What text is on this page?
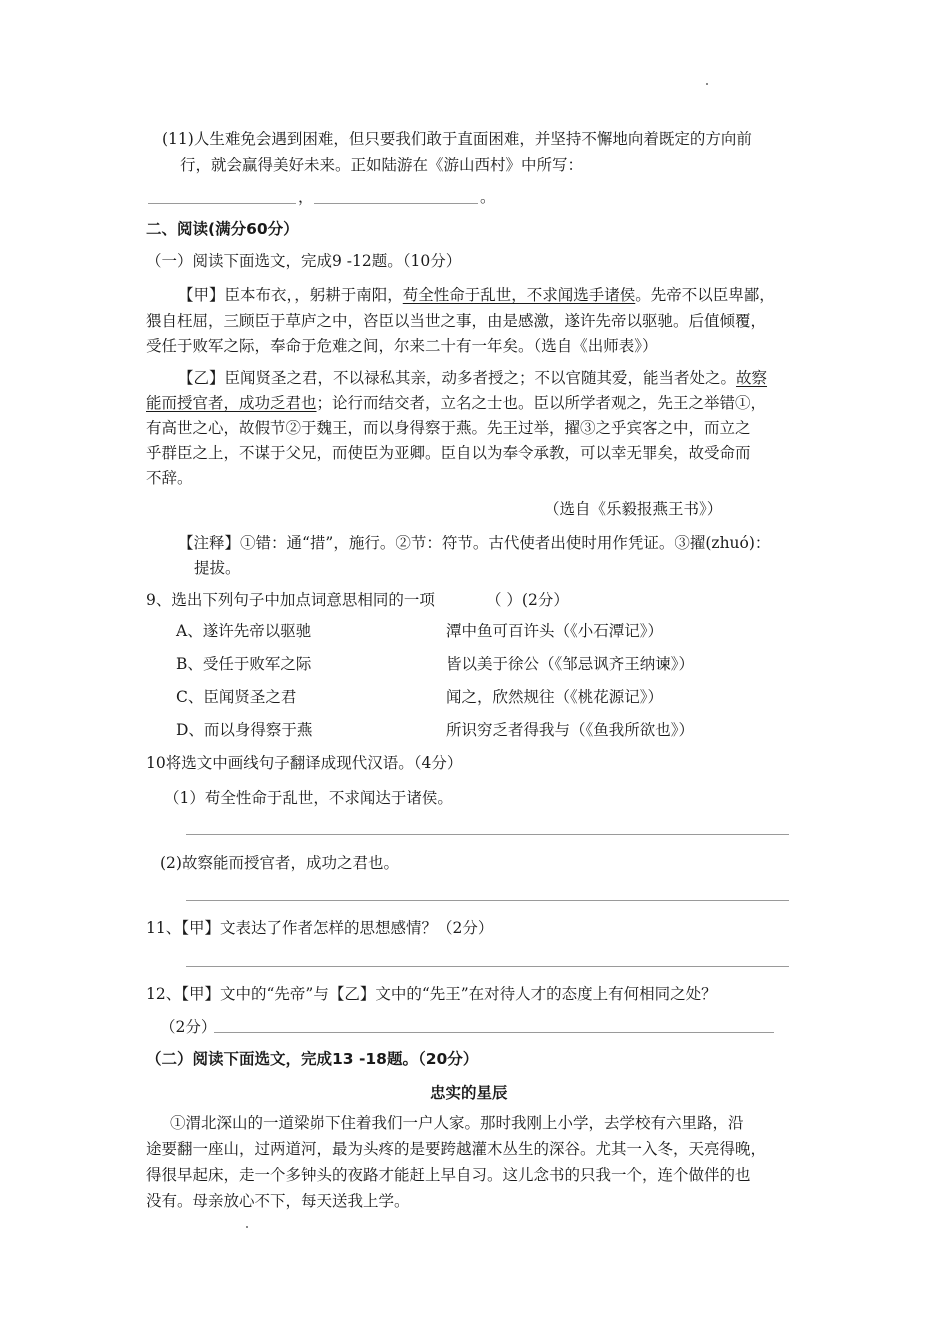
(11)人生难免会遇到困难，但只要我们敢于直面困难，并坚持不懈地向着既定的方向前
行，就会赢得美好未来。正如陆游在《游山西村》中所写：
，	。
二、阅读(满分60分）
（一）阅读下面选文，完成9 -12题。（10分）
【甲】臣本布衣，，躬耕于南阳，苟全性命于乱世，不求闻选手诸侯。先帝不以臣卑鄙，
猥自枉屈，三顾臣于草庐之中，咨臣以当世之事，由是感激，遂许先帝以驱驰。后值倾覆，
受任于败军之际，奉命于危难之间，尔来二十有一年矣。（选自《出师表》）
【乙】臣闻贤圣之君，不以禄私其亲，动多者授之；不以官随其爱，能当者处之。故察
能而授官者，成功乏君也；论行而结交者，立名之士也。臣以所学者观之，先王之举错①，
有高世之心，故假节②于魏王，而以身得察于燕。先王过举，擢③之乎宾客之中，而立之
乎群臣之上，不谋于父兄，而使臣为亚卿。臣自以为奉令承教，可以幸无罪矣，故受命而
不辞。
（选自《乐毅报燕王书》）
【注释】①错：通“措”，施行。②节：符节。古代使者出使时用作凭证。③擢(zhuó)：
提拔。
9、选出下列句子中加点词意思相同的一项	（ ）(2分）
A、遂许先帝以驱驰	潭中鱼可百许头（《小石潭记》）
B、受任于败军之际	皆以美于徐公（《邹忌讽齐王纳谏》）
C、臣闻贤圣之君	闻之，欣然规往（《桃花源记》）
D、而以身得察于燕	所识穷乏者得我与（《鱼我所欲也》）
10将选文中画线句子翻译成现代汉语。（4分）
（1）苟全性命于乱世，不求闻达于诸侯。
(2)故察能而授官者，成功之君也。
11、【甲】文表达了作者怎样的思想感情？（2分）
12、【甲】文中的“先帝”与【乙】文中的“先王”在对待人才的态度上有何相同之处？
（2分）
（二）阅读下面选文，完成13 -18题。（20分）
忠实的星辰
①渭北深山的一道梁峁下住着我们一户人家。那时我刚上小学，去学校有六里路，沿
途要翻一座山，过两道河，最为头疼的是要跨越灌木丛生的深谷。尤其一入冬，天亮得晚，
得很早起床，走一个多钟头的夜路才能赶上早自习。这儿念书的只我一个，连个做伴的也
没有。母亲放心不下，每天送我上学。
